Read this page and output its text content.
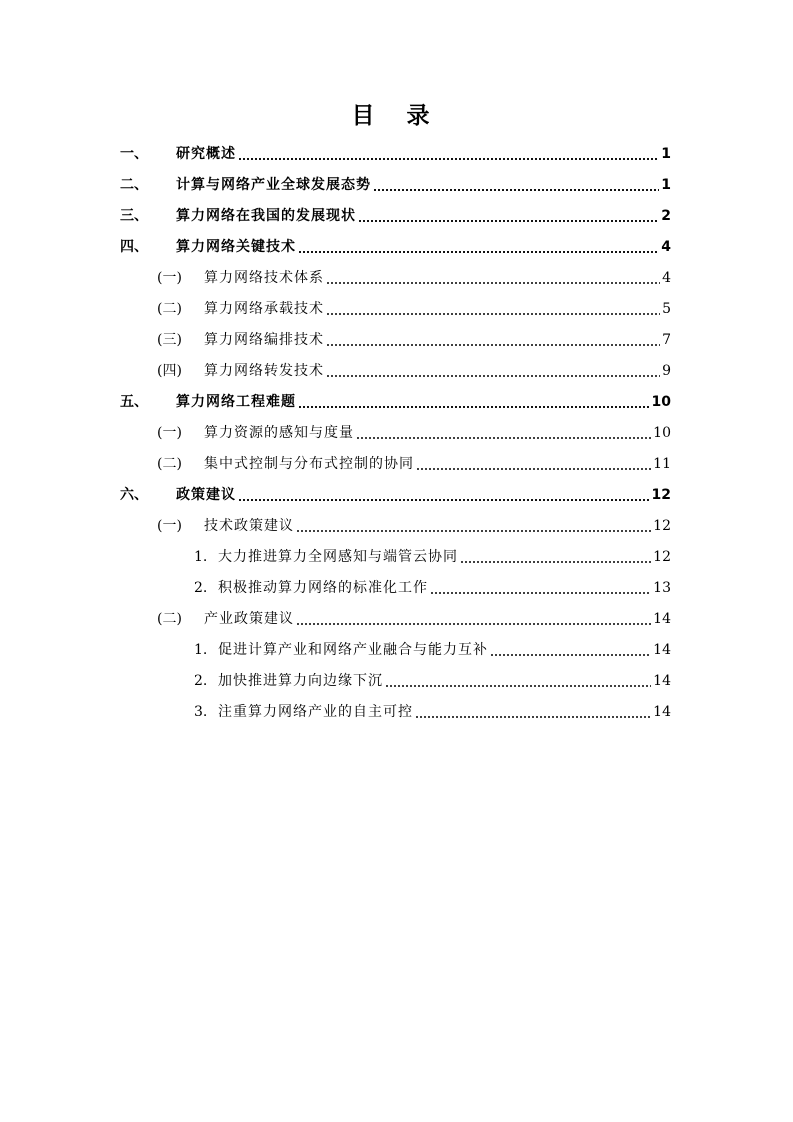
目 录
一、	研究概述	1
二、	计算与网络产业全球发展态势	1
三、	算力网络在我国的发展现状	2
四、	算力网络关键技术	4
(一)	算力网络技术体系	4
(二)	算力网络承载技术	5
(三)	算力网络编排技术	7
(四)	算力网络转发技术	9
五、	算力网络工程难题	10
(一)	算力资源的感知与度量	10
(二)	集中式控制与分布式控制的协同	11
六、	政策建议	12
(一)	技术政策建议	12
1. 大力推进算力全网感知与端管云协同	12
2. 积极推动算力网络的标准化工作	13
(二)	产业政策建议	14
1. 促进计算产业和网络产业融合与能力互补	14
2. 加快推进算力向边缘下沉	14
3. 注重算力网络产业的自主可控	14
